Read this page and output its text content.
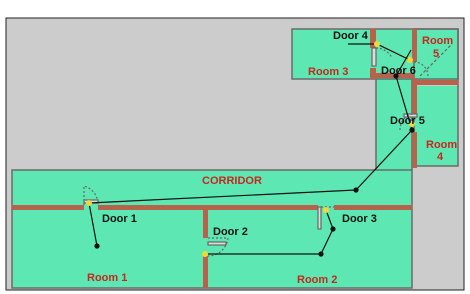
Room 1	Room 2
Room 3
CORRIDOR
Room
5
Room
4
Door 1
Door 2
Door 3
Door 4
Door 5
Door 6
